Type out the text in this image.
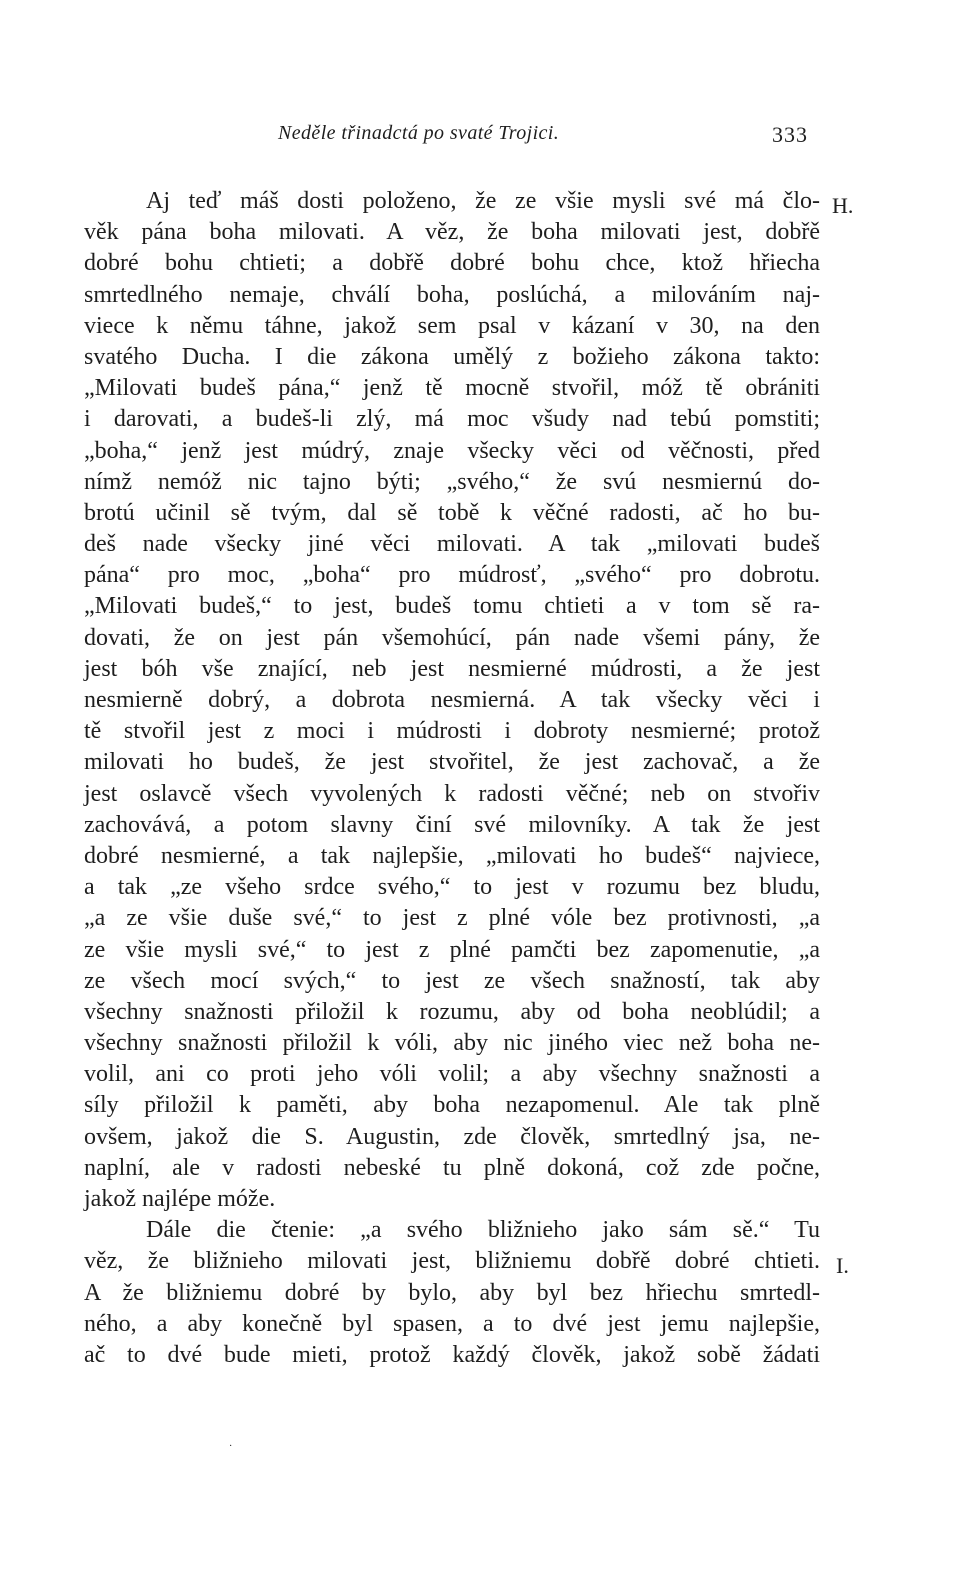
Neděle třinadctá po svaté Trojici.	333
H.
I.
Aj teď máš dosti položeno, že ze všie mysli své má člo-
věk pána boha milovati. A věz, že boha milovati jest, dobřě
dobré bohu chtieti; a dobřě dobré bohu chce, ktož hřiecha
smrtedlného nemaje, chválí boha, poslúchá, a milováním naj-
viece k němu táhne, jakož sem psal v kázaní v 30, na den
svatého Ducha. I die zákona umělý z božieho zákona takto:
„Milovati budeš pána,“ jenž tě mocně stvořil, móž tě obrániti
i darovati, a budeš-li zlý, má moc všudy nad tebú pomstiti;
„boha,“ jenž jest múdrý, znaje všecky věci od věčnosti, před
nímž nemóž nic tajno býti; „svého,“ že svú nesmiernú do-
brotú učinil sě tvým, dal sě tobě k věčné radosti, ač ho bu-
deš nade všecky jiné věci milovati. A tak „milovati budeš
pána“ pro moc, „boha“ pro múdrosť, „svého“ pro dobrotu.
„Milovati budeš,“ to jest, budeš tomu chtieti a v tom sě ra-
dovati, že on jest pán všemohúcí, pán nade všemi pány, že
jest bóh vše znající, neb jest nesmierné múdrosti, a že jest
nesmierně dobrý, a dobrota nesmierná. A tak všecky věci i
tě stvořil jest z moci i múdrosti i dobroty nesmierné; protož
milovati ho budeš, že jest stvořitel, že jest zachovač, a že
jest oslavcě všech vyvolených k radosti věčné; neb on stvořiv
zachovává, a potom slavny činí své milovníky. A tak že jest
dobré nesmierné, a tak najlepšie, „milovati ho budeš“ najviece,
a tak „ze všeho srdce svého,“ to jest v rozumu bez bludu,
„a ze všie duše své,“ to jest z plné vóle bez protivnosti, „a
ze všie mysli své,“ to jest z plné pamčti bez zapomenutie, „a
ze všech mocí svých,“ to jest ze všech snažností, tak aby
všechny snažnosti přiložil k rozumu, aby od boha neoblúdil; a
všechny snažnosti přiložil k vóli, aby nic jiného viec než boha ne-
volil, ani co proti jeho vóli volil; a aby všechny snažnosti a
síly přiložil k paměti, aby boha nezapomenul. Ale tak plně
ovšem, jakož die S. Augustin, zde člověk, smrtedlný jsa, ne-
naplní, ale v radosti nebeské tu plně dokoná, což zde počne,
jakož najlépe móže.
Dále die čtenie: „a svého bližnieho jako sám sě.“ Tu
věz, že bližnieho milovati jest, bližniemu dobřě dobré chtieti.
A že bližniemu dobré by bylo, aby byl bez hřiechu smrtedl-
ného, a aby konečně byl spasen, a to dvé jest jemu najlepšie,
ač to dvé bude mieti, protož každý člověk, jakož sobě žádati
·
